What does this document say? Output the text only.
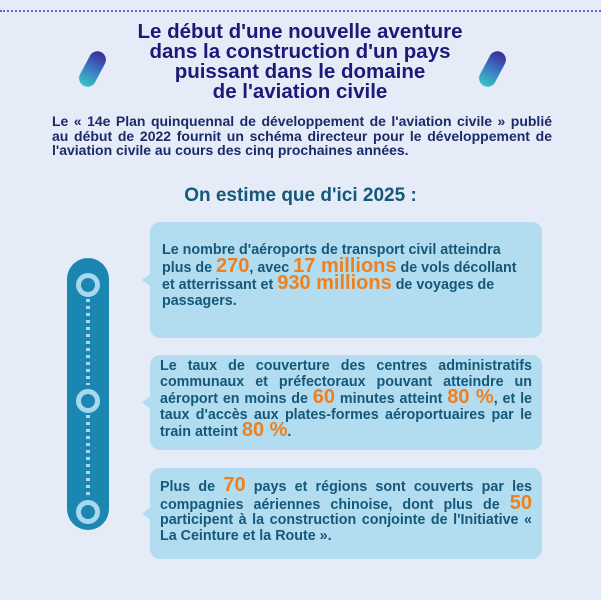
Le début d'une nouvelle aventure
dans la construction d'un pays
puissant dans le domaine
de l'aviation civile
Le « 14e Plan quinquennal de développement de l'aviation civile » publié au début de 2022 fournit un schéma directeur pour le développement de l'aviation civile au cours des cinq prochaines années.
On estime que d'ici 2025 :
Le nombre d'aéroports de transport civil atteindra plus de 270, avec 17 millions de vols décollant et atterrissant et 930 millions de voyages de passagers.
Le taux de couverture des centres administratifs communaux et préfectoraux pouvant atteindre un aéroport en moins de 60 minutes atteint 80 %, et le taux d'accès aux plates-formes aéroportuaires par le train atteint 80 %.
Plus de 70 pays et régions sont couverts par les compagnies aériennes chinoise, dont plus de 50 participent à la construction conjointe de l'Initiative « La Ceinture et la Route ».
